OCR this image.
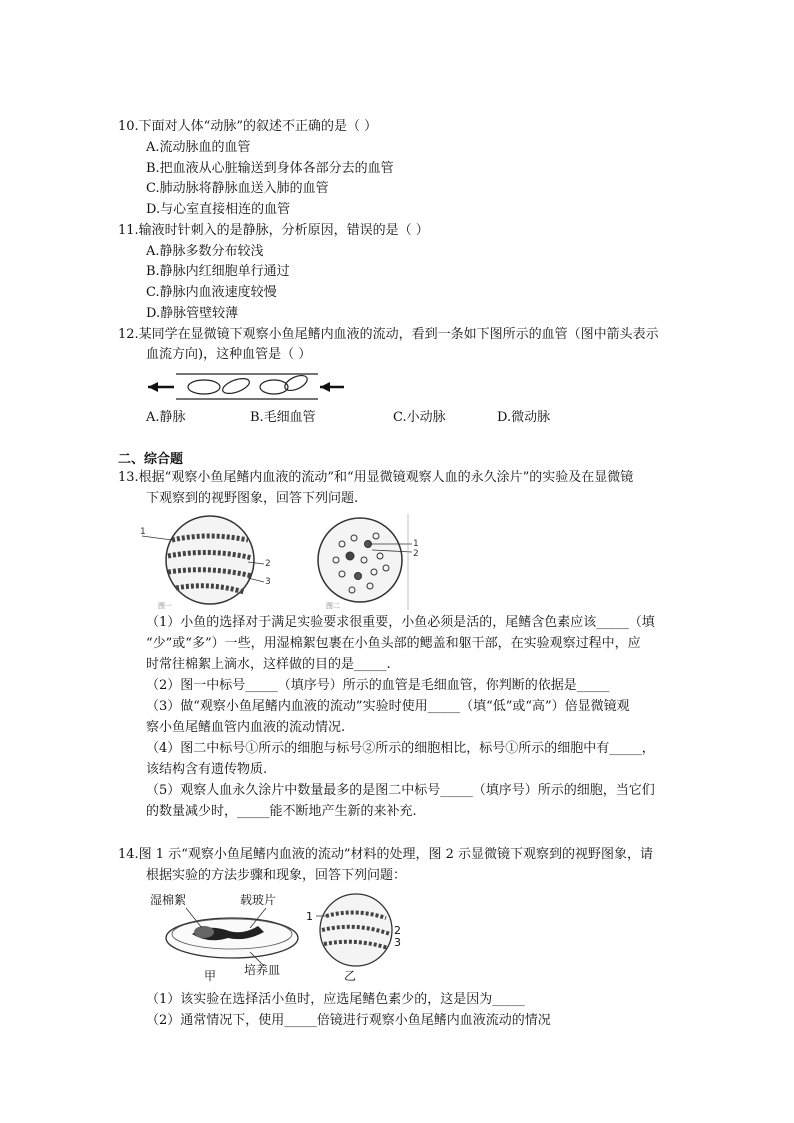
10.下面对人体“动脉”的叙述不正确的是（ ）
A.流动脉血的血管
B.把血液从心脏输送到身体各部分去的血管
C.肺动脉将静脉血送入肺的血管
D.与心室直接相连的血管
11.输液时针刺入的是静脉，分析原因，错误的是（ ）
A.静脉多数分布较浅
B.静脉内红细胞单行通过
C.静脉内血液速度较慢
D.静脉管壁较薄
12.某同学在显微镜下观察小鱼尾鳍内血液的流动，看到一条如下图所示的血管（图中箭头表示
血流方向)，这种血管是（ ）
A.静脉	B.毛细血管	C.小动脉	D.微动脉
二、综合题
13.根据“观察小鱼尾鳍内血液的流动”和“用显微镜观察人血的永久涂片”的实验及在显微镜
下观察到的视野图象，回答下列问题.
1
2
3
图一
1
2
图二
（1）小鱼的选择对于满足实验要求很重要，小鱼必须是活的，尾鳍含色素应该_____（填
“少”或“多”）一些，用湿棉絮包裹在小鱼头部的鳃盖和躯干部，在实验观察过程中，应
时常往棉絮上滴水，这样做的目的是_____.
（2）图一中标号_____（填序号）所示的血管是毛细血管，你判断的依据是_____
（3）做“观察小鱼尾鳍内血液的流动”实验时使用_____（填“低”或“高”）倍显微镜观
察小鱼尾鳍血管内血液的流动情况.
（4）图二中标号①所示的细胞与标号②所示的细胞相比，标号①所示的细胞中有_____，
该结构含有遗传物质.
（5）观察人血永久涂片中数量最多的是图二中标号_____（填序号）所示的细胞，当它们
的数量减少时，_____能不断地产生新的来补充.
14.图 1 示“观察小鱼尾鳍内血液的流动”材料的处理，图 2 示显微镜下观察到的视野图象，请
根据实验的方法步骤和现象，回答下列问题：
湿棉絮	载玻片
培养皿
甲
1
2
3
乙
（1）该实验在选择活小鱼时，应选尾鳍色素少的，这是因为_____
（2）通常情况下，使用_____倍镜进行观察小鱼尾鳍内血液流动的情况
